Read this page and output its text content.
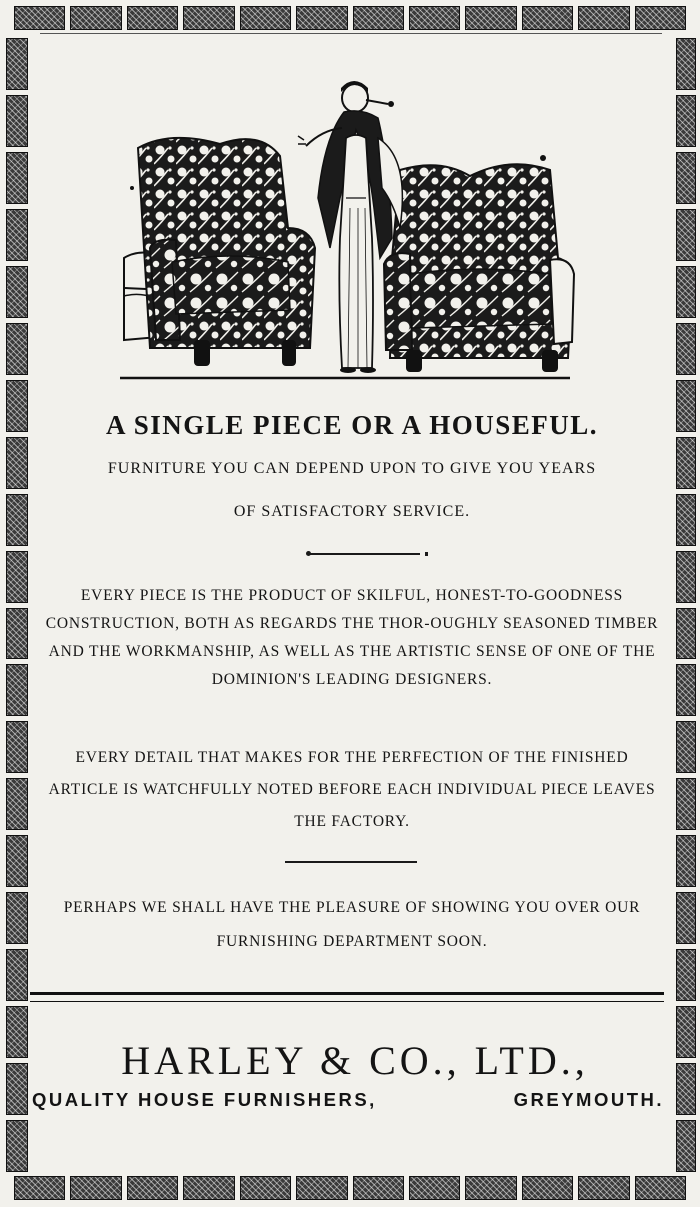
A SINGLE PIECE OR A HOUSEFUL.
FURNITURE YOU CAN DEPEND UPON TO GIVE YOU YEARS
OF SATISFACTORY SERVICE.
EVERY PIECE IS THE PRODUCT OF SKILFUL, HONEST-TO-GOODNESS CONSTRUCTION, BOTH AS REGARDS THE THOR-OUGHLY SEASONED TIMBER AND THE WORKMANSHIP, AS WELL AS THE ARTISTIC SENSE OF ONE OF THE DOMINION'S LEADING DESIGNERS.
EVERY DETAIL THAT MAKES FOR THE PERFECTION OF THE FINISHED ARTICLE IS WATCHFULLY NOTED BEFORE EACH INDIVIDUAL PIECE LEAVES THE FACTORY.
PERHAPS WE SHALL HAVE THE PLEASURE OF SHOWING YOU OVER OUR FURNISHING DEPARTMENT SOON.
HARLEY & CO., LTD.,
QUALITY HOUSE FURNISHERS,	GREYMOUTH.
